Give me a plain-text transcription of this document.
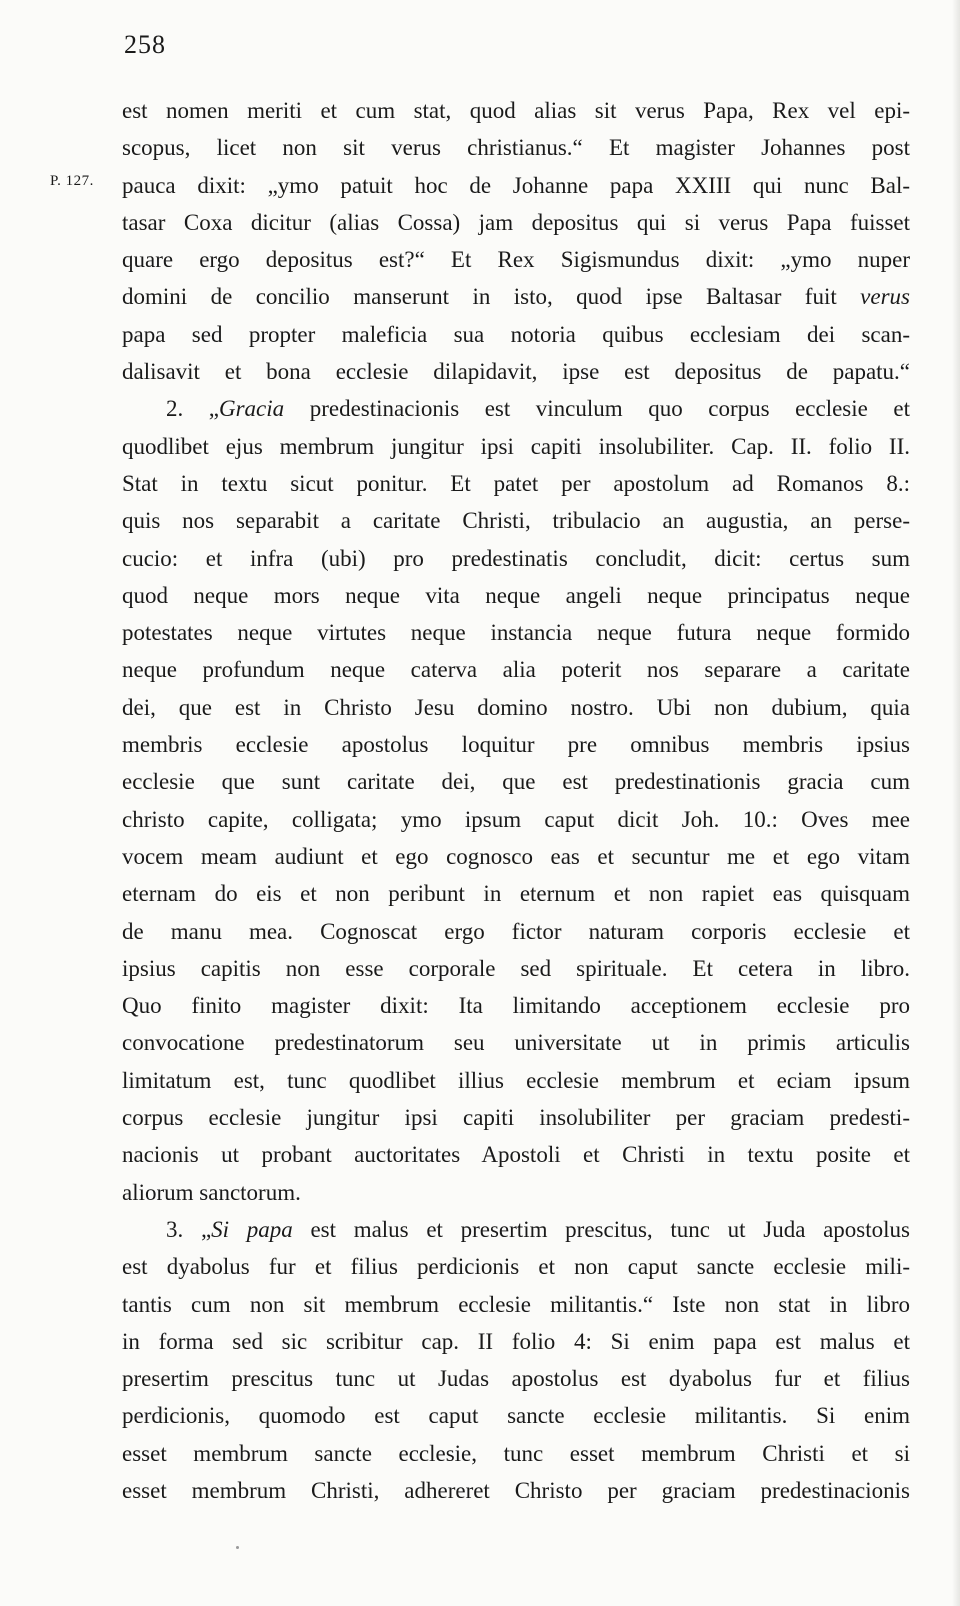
258
P. 127.
est nomen meriti et cum stat, quod alias sit verus Papa, Rex vel epi-
scopus, licet non sit verus christianus.“ Et magister Johannes post
pauca dixit: „ymo patuit hoc de Johanne papa XXIII qui nunc Bal-
tasar Coxa dicitur (alias Cossa) jam depositus qui si verus Papa fuisset
quare ergo depositus est?“ Et Rex Sigismundus dixit: „ymo nuper
domini de concilio manserunt in isto, quod ipse Baltasar fuit verus
papa sed propter maleficia sua notoria quibus ecclesiam dei scan-
dalisavit et bona ecclesie dilapidavit, ipse est depositus de papatu.“
2. „Gracia predestinacionis est vinculum quo corpus ecclesie et
quodlibet ejus membrum jungitur ipsi capiti insolubiliter. Cap. II. folio II.
Stat in textu sicut ponitur. Et patet per apostolum ad Romanos 8.:
quis nos separabit a caritate Christi, tribulacio an augustia, an perse-
cucio: et infra (ubi) pro predestinatis concludit, dicit: certus sum
quod neque mors neque vita neque angeli neque principatus neque
potestates neque virtutes neque instancia neque futura neque formido
neque profundum neque caterva alia poterit nos separare a caritate
dei, que est in Christo Jesu domino nostro. Ubi non dubium, quia
membris ecclesie apostolus loquitur pre omnibus membris ipsius
ecclesie que sunt caritate dei, que est predestinationis gracia cum
christo capite, colligata; ymo ipsum caput dicit Joh. 10.: Oves mee
vocem meam audiunt et ego cognosco eas et secuntur me et ego vitam
eternam do eis et non peribunt in eternum et non rapiet eas quisquam
de manu mea. Cognoscat ergo fictor naturam corporis ecclesie et
ipsius capitis non esse corporale sed spirituale. Et cetera in libro.
Quo finito magister dixit: Ita limitando acceptionem ecclesie pro
convocatione predestinatorum seu universitate ut in primis articulis
limitatum est, tunc quodlibet illius ecclesie membrum et eciam ipsum
corpus ecclesie jungitur ipsi capiti insolubiliter per graciam predesti-
nacionis ut probant auctoritates Apostoli et Christi in textu posite et
aliorum sanctorum.
3. „Si papa est malus et presertim prescitus, tunc ut Juda apostolus
est dyabolus fur et filius perdicionis et non caput sancte ecclesie mili-
tantis cum non sit membrum ecclesie militantis.“ Iste non stat in libro
in forma sed sic scribitur cap. II folio 4: Si enim papa est malus et
presertim prescitus tunc ut Judas apostolus est dyabolus fur et filius
perdicionis, quomodo est caput sancte ecclesie militantis. Si enim
esset membrum sancte ecclesie, tunc esset membrum Christi et si
esset membrum Christi, adhereret Christo per graciam predestinacionis
